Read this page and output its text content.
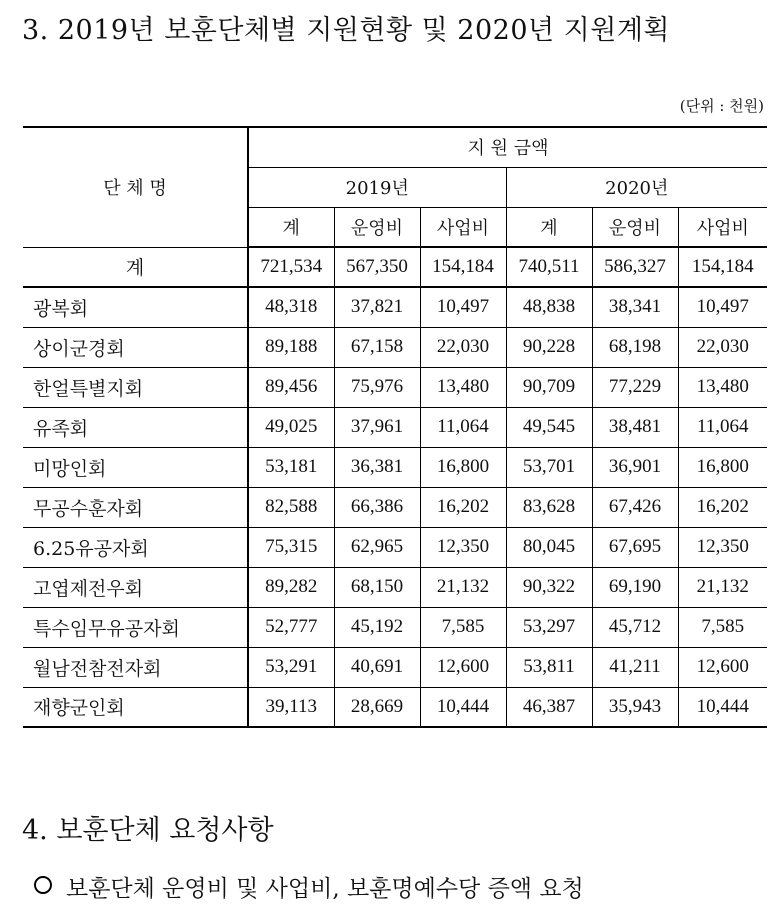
3. 2019년 보훈단체별 지원현황 및 2020년 지원계획
(단위 : 천원)
단 체 명	지 원 금액					
	2019년			2020년		
	계	운영비	사업비	계	운영비	사업비
계	721,534	567,350	154,184	740,511	586,327	154,184
광복회	48,318	37,821	10,497	48,838	38,341	10,497
상이군경회	89,188	67,158	22,030	90,228	68,198	22,030
한얼특별지회	89,456	75,976	13,480	90,709	77,229	13,480
유족회	49,025	37,961	11,064	49,545	38,481	11,064
미망인회	53,181	36,381	16,800	53,701	36,901	16,800
무공수훈자회	82,588	66,386	16,202	83,628	67,426	16,202
6.25유공자회	75,315	62,965	12,350	80,045	67,695	12,350
고엽제전우회	89,282	68,150	21,132	90,322	69,190	21,132
특수임무유공자회	52,777	45,192	7,585	53,297	45,712	7,585
월남전참전자회	53,291	40,691	12,600	53,811	41,211	12,600
재향군인회	39,113	28,669	10,444	46,387	35,943	10,444
4. 보훈단체 요청사항
보훈단체 운영비 및 사업비, 보훈명예수당 증액 요청
